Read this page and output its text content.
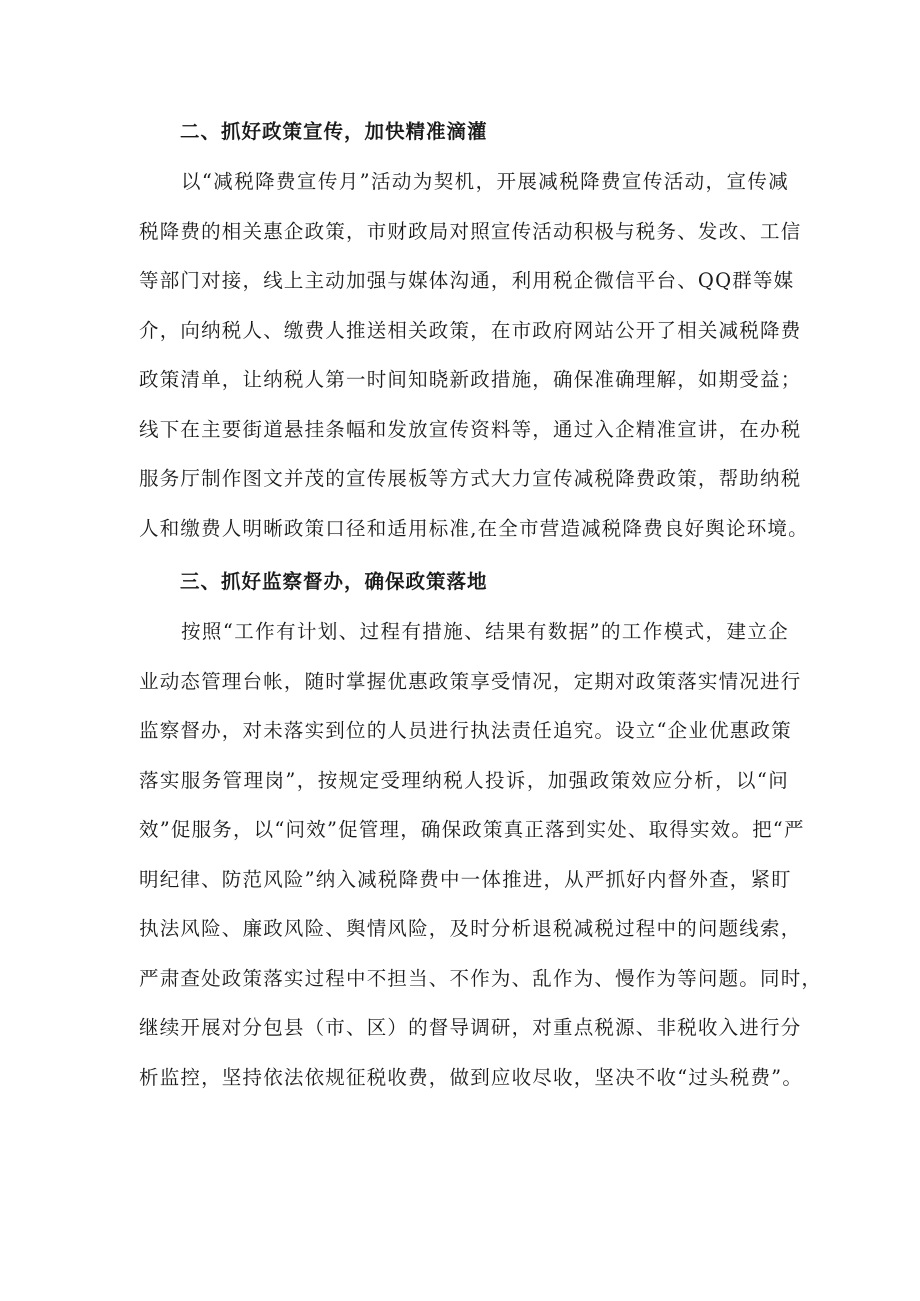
二、抓好政策宣传，加快精准滴灌
以“减税降费宣传月”活动为契机，开展减税降费宣传活动，宣传减
税降费的相关惠企政策，市财政局对照宣传活动积极与税务、发改、工信
等部门对接，线上主动加强与媒体沟通，利用税企微信平台、QQ群等媒
介，向纳税人、缴费人推送相关政策，在市政府网站公开了相关减税降费
政策清单，让纳税人第一时间知晓新政措施，确保准确理解，如期受益；
线下在主要街道悬挂条幅和发放宣传资料等，通过入企精准宣讲，在办税
服务厅制作图文并茂的宣传展板等方式大力宣传减税降费政策，帮助纳税
人和缴费人明晰政策口径和适用标准,在全市营造减税降费良好舆论环境。
三、抓好监察督办，确保政策落地
按照“工作有计划、过程有措施、结果有数据”的工作模式，建立企
业动态管理台帐，随时掌握优惠政策享受情况，定期对政策落实情况进行
监察督办，对未落实到位的人员进行执法责任追究。设立“企业优惠政策
落实服务管理岗”，按规定受理纳税人投诉，加强政策效应分析，以“问
效”促服务，以“问效”促管理，确保政策真正落到实处、取得实效。把“严
明纪律、防范风险”纳入减税降费中一体推进，从严抓好内督外查，紧盯
执法风险、廉政风险、舆情风险，及时分析退税减税过程中的问题线索，
严肃查处政策落实过程中不担当、不作为、乱作为、慢作为等问题。同时，
继续开展对分包县（市、区）的督导调研，对重点税源、非税收入进行分
析监控，坚持依法依规征税收费，做到应收尽收，坚决不收“过头税费”。
